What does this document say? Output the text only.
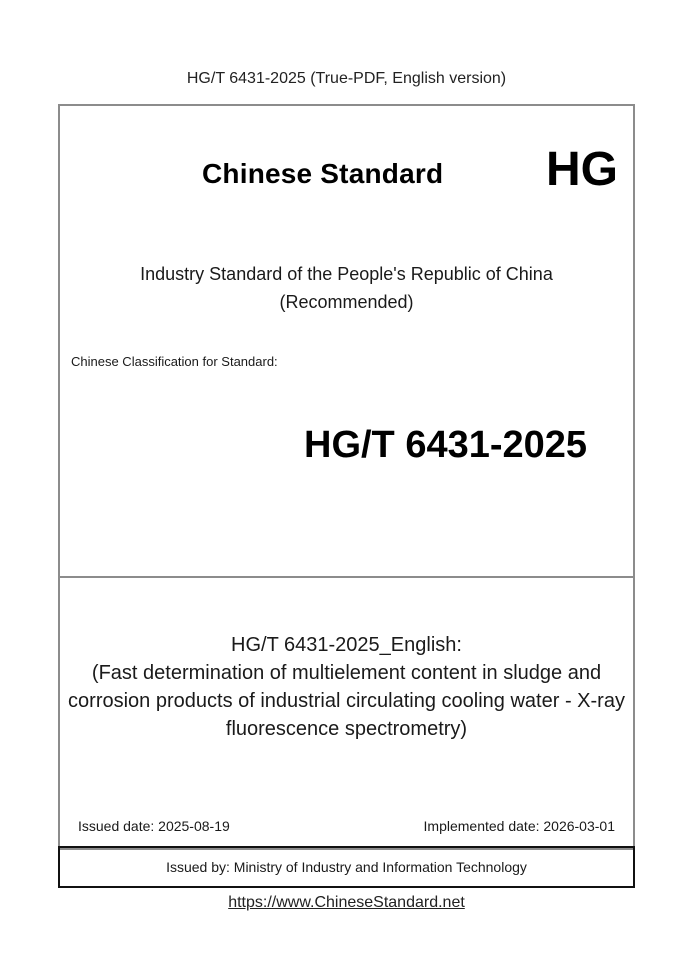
HG/T 6431-2025 (True-PDF, English version)
Chinese Standard HG
Industry Standard of the People's Republic of China
(Recommended)
Chinese Classification for Standard:
HG/T 6431-2025
HG/T 6431-2025_English:
(Fast determination of multielement content in sludge and corrosion products of industrial circulating cooling water - X-ray fluorescence spectrometry)
Issued date: 2025-08-19	Implemented date: 2026-03-01
Issued by: Ministry of Industry and Information Technology
https://www.ChineseStandard.net
